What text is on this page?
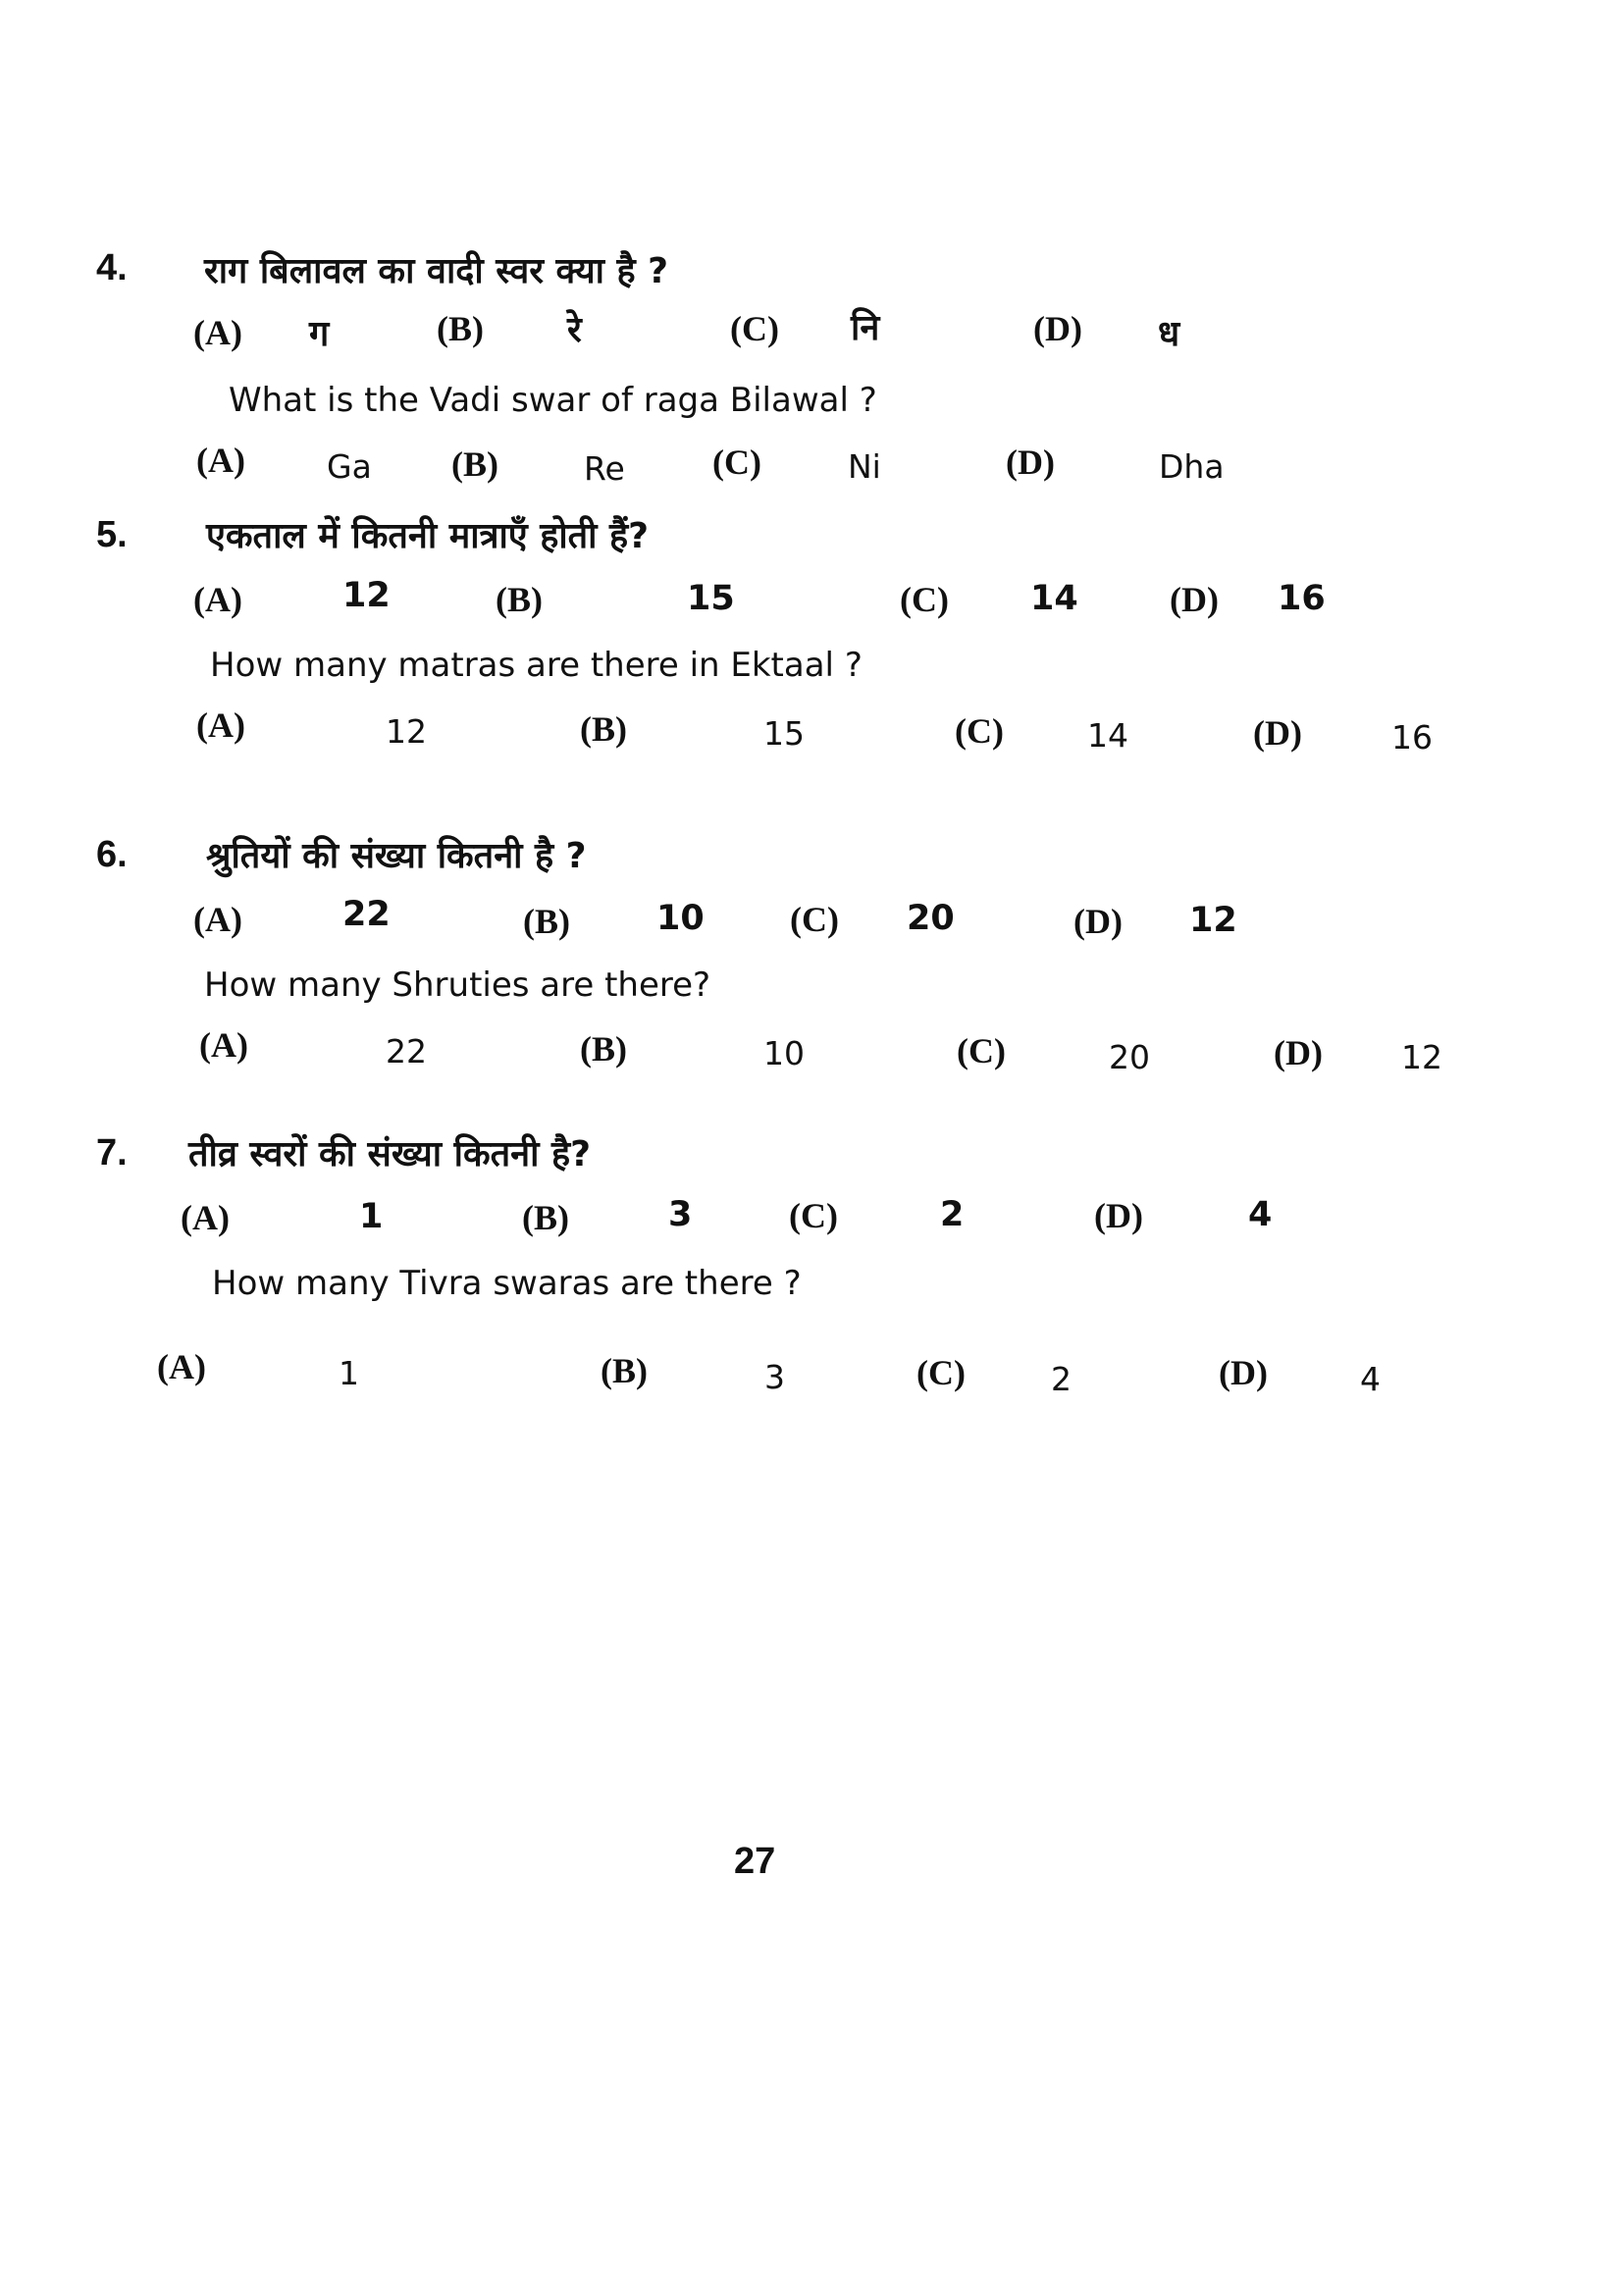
4. राग बिलावल का वादी स्वर क्या है ?
(A) ग	(B) रे	(C) नि	(D) ध
What is the Vadi swar of raga Bilawal ?
(A)	Ga (B)	Re (C)	Ni	(D)	Dha
5. एकताल में कितनी मात्राएँ होती हैं?
(A)	12	(B)	15	(C) 14	(D) 16
How many matras are there in Ektaal ?
(A)	12	(B)	15	(C)	14	(D)	16
6. श्रुतियों की संख्या कितनी है ?
(A)	22	(B)	10 (C) 20	(D) 12
How many Shruties are there?
(A)	22	(B)	10	(C)	20	(D) 12
7. तीव्र स्वरों की संख्या कितनी है?
(A)	1	(B)	3	(C)	2	(D)	4
How many Tivra swaras are there ?
(A)	1	(B)	3	(C)	2	(D)	4
27
